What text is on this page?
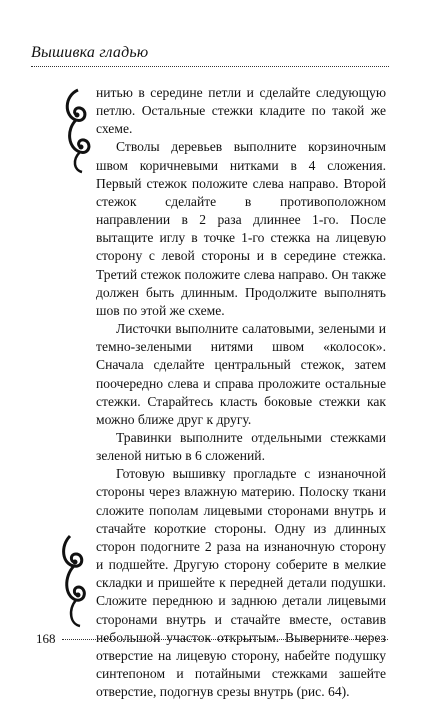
Вышивка гладью

нитью в середине петли и сделайте следующую петлю. Остальные стежки кладите по такой же схеме.

Стволы деревьев выполните корзиночным швом коричневыми нитками в 4 сложения. Первый стежок положите слева направо. Второй стежок сделайте в противоположном направлении в 2 раза длиннее 1-го. После вытащите иглу в точке 1-го стежка на лицевую сторону с левой стороны и в середине стежка. Третий стежок положите слева направо. Он также должен быть длинным. Продолжите выполнять шов по этой же схеме.

Листочки выполните салатовыми, зелеными и темно-зелеными нитями швом «колосок». Сначала сделайте центральный стежок, затем поочередно слева и справа проложите остальные стежки. Старайтесь класть боковые стежки как можно ближе друг к другу.

Травинки выполните отдельными стежками зеленой нитью в 6 сложений.

Готовую вышивку прогладьте с изнаночной стороны через влажную материю. Полоску ткани сложите пополам лицевыми сторонами внутрь и стачайте короткие стороны. Одну из длинных сторон подогните 2 раза на изнаночную сторону и подшейте. Другую сторону соберите в мелкие складки и пришейте к передней детали подушки. Сложите переднюю и заднюю детали лицевыми сторонами внутрь и стачайте вместе, оставив небольшой участок открытым. Выверните через отверстие на лицевую сторону, набейте подушку синтепоном и потайными стежками зашейте отверстие, подогнув срезы внутрь (рис. 64).

168
